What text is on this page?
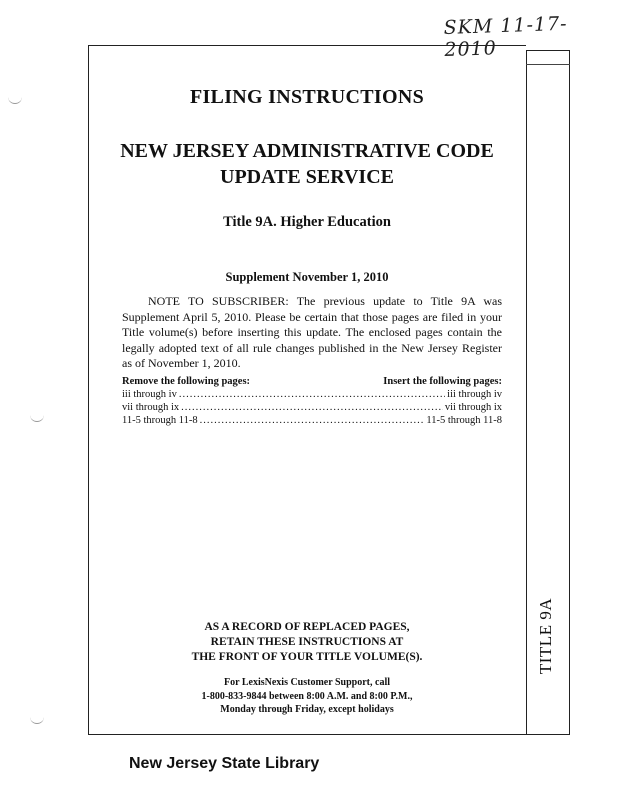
SKM 11-17-2010
TITLE 9A
FILING INSTRUCTIONS
NEW JERSEY ADMINISTRATIVE CODE
UPDATE SERVICE
Title 9A. Higher Education
Supplement November 1, 2010
NOTE TO SUBSCRIBER: The previous update to Title 9A was Supplement April 5, 2010. Please be certain that those pages are filed in your Title volume(s) before inserting this update. The enclosed pages contain the legally adopted text of all rule changes published in the New Jersey Register as of November 1, 2010.
Remove the following pages:	Insert the following pages:
iii through iv .....	iii through iv
vii through ix .....	vii through ix
11-5 through 11-8 .....	11-5 through 11-8
AS A RECORD OF REPLACED PAGES,
RETAIN THESE INSTRUCTIONS AT
THE FRONT OF YOUR TITLE VOLUME(S).
For LexisNexis Customer Support, call
1-800-833-9844 between 8:00 A.M. and 8:00 P.M.,
Monday through Friday, except holidays
New Jersey State Library
